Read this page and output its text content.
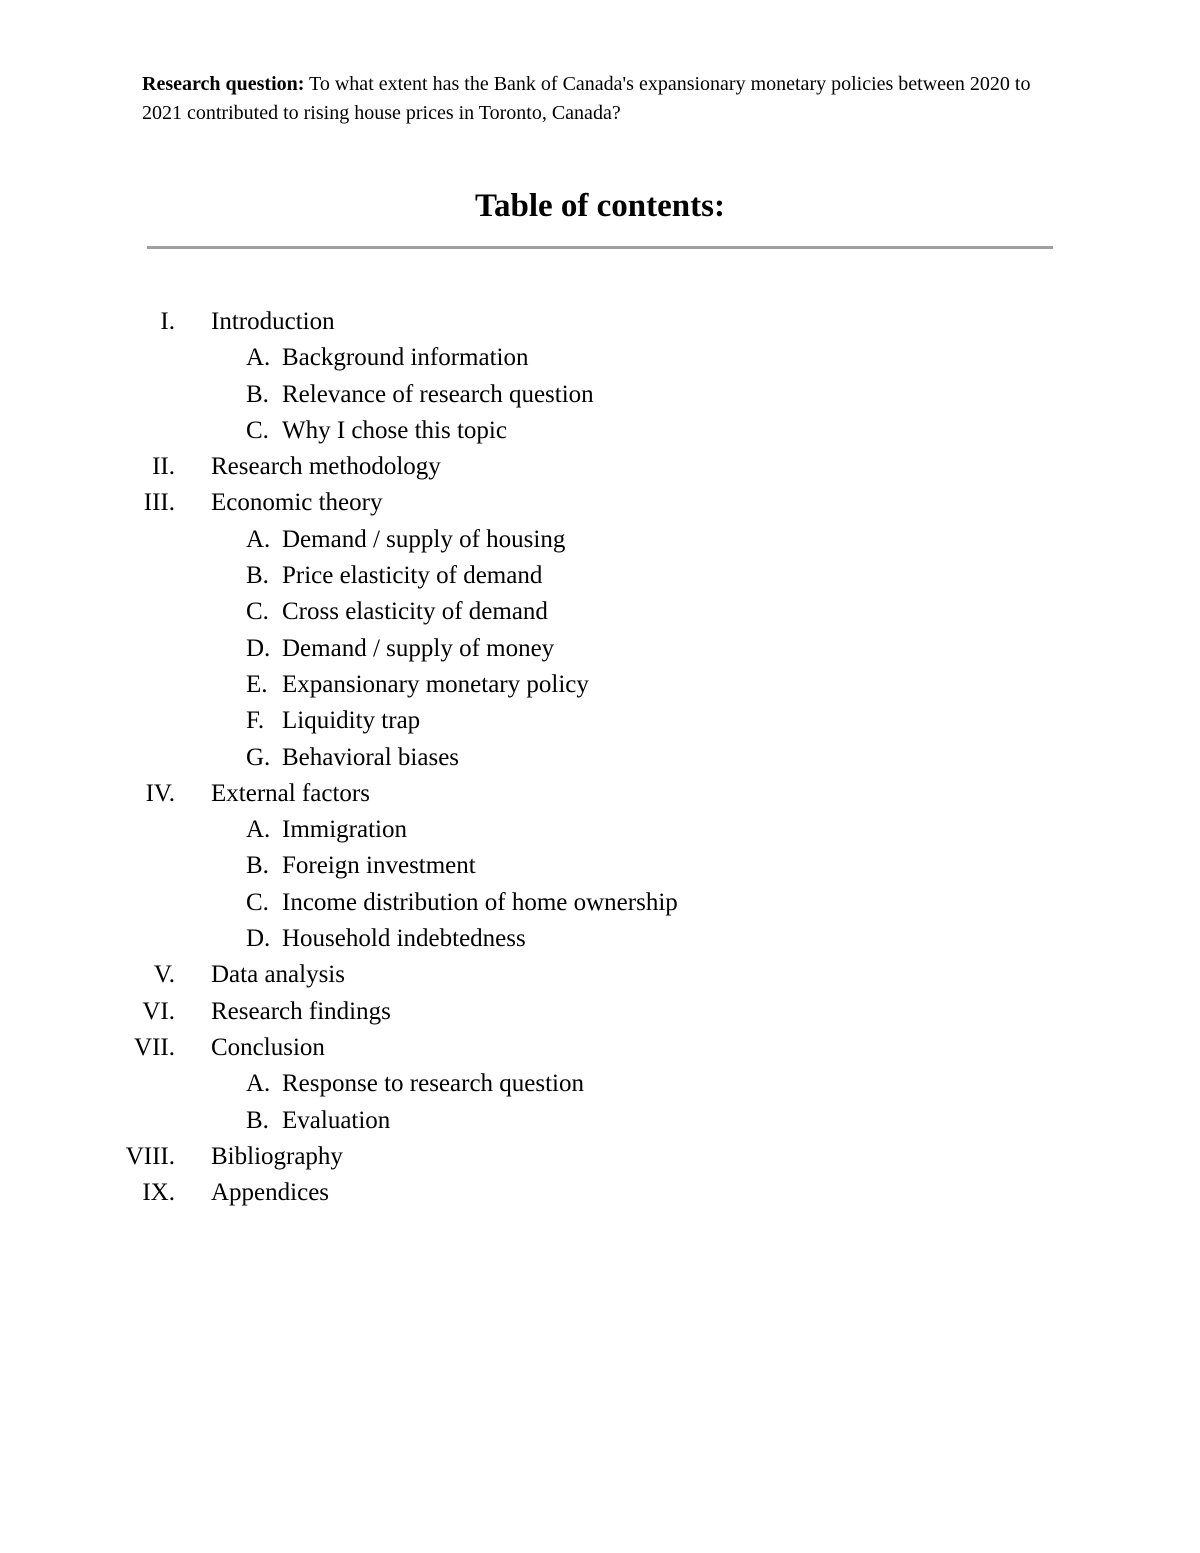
Research question: To what extent has the Bank of Canada's expansionary monetary policies between 2020 to 2021 contributed to rising house prices in Toronto, Canada?
Table of contents:
I. Introduction
A. Background information
B. Relevance of research question
C. Why I chose this topic
II. Research methodology
III. Economic theory
A. Demand / supply of housing
B. Price elasticity of demand
C. Cross elasticity of demand
D. Demand / supply of money
E. Expansionary monetary policy
F. Liquidity trap
G. Behavioral biases
IV. External factors
A. Immigration
B. Foreign investment
C. Income distribution of home ownership
D. Household indebtedness
V. Data analysis
VI. Research findings
VII. Conclusion
A. Response to research question
B. Evaluation
VIII. Bibliography
IX. Appendices
